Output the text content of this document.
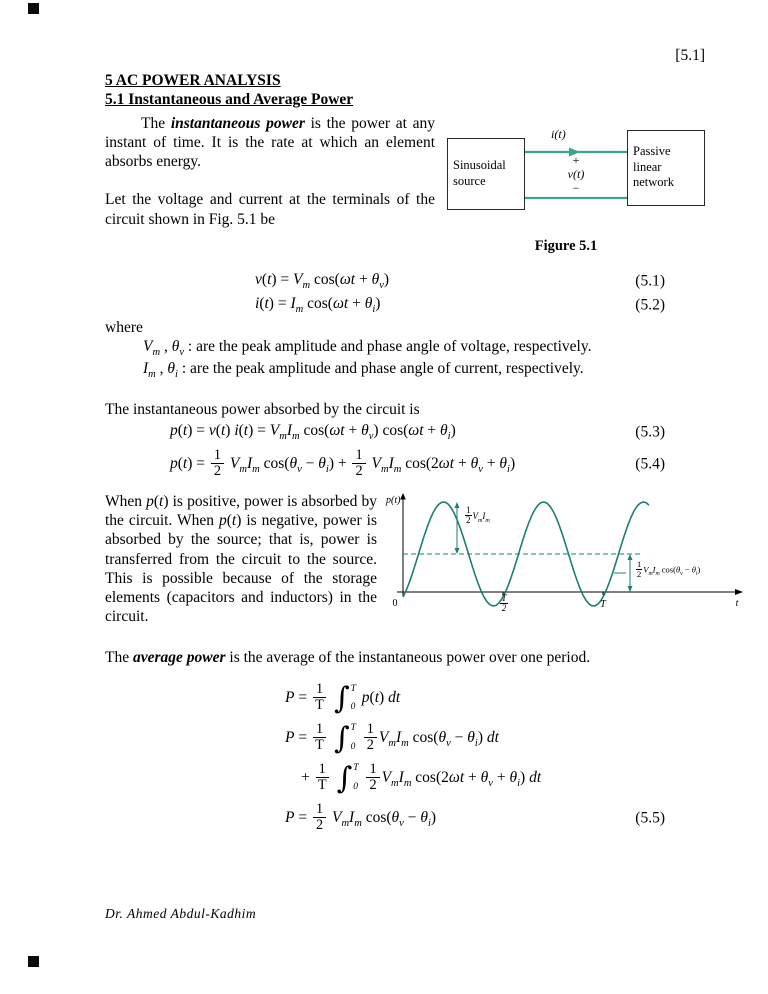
[5.1]
5 AC POWER ANALYSIS
5.1 Instantaneous and Average Power

The instantaneous power is the power at any instant of time. It is the rate at which an element absorbs energy.

Let the voltage and current at the terminals of the circuit shown in Fig. 5.1 be

Sinusoidal source
Passive linear network
i(t)
+
v(t)
−
Figure 5.1
$v(t) = V_m$ $\cos(\omega t + \theta_v)$	(5.1)
$i(t) = I_m$ $\cos(\omega t + \theta_i)$	(5.2)

where

$V_m$ , $\theta_v$ : are the peak amplitude and phase angle of voltage, respectively.

$I_m$ , $\theta_i$ : are the peak amplitude and phase angle of current, respectively.

The instantaneous power absorbed by the circuit is

p(t) = v(t) $i(t) = V_mI_m$ $\cos(\omega t + \theta_v)$ $\cos(\omega t + \theta_i)$	(5.3)
$p(t) = \frac{1}{2} V_mI_m$ $\cos(\theta_v - \theta_i) + \frac{1}{2} V_mI_m$ $\cos(2\omega t + \theta_v + \theta_i)$	(5.4)

When p(t) is positive, power is absorbed by the circuit. When p(t) is negative, power is absorbed by the source; that is, power is transferred from the circuit to the source. This is possible because of the storage elements (capacitors and inductors) in the circuit.

p(t)
0	T	t
$\frac{1}{2} V_mI_m$
$\frac{1}{2} V_mI_m$ $\cos(\theta_v - \theta_i)$
$\frac{T}{2}$

The average power is the average of the instantaneous power over one period.

$P = \frac{1}{T}$
∫ T
0
p(t) dt
$P = \frac{1}{T}$
∫ T
0
$\frac{1}{2} V_mI_m$ $\cos(\theta_v - \theta_i)$ dt
+ $\frac{1}{T}$
∫ T
0
$\frac{1}{2} V_mI_m$ $\cos(2\omega t + \theta_v + \theta_i)$ dt
$P = \frac{1}{2} V_mI_m$ $\cos(\theta_v - \theta_i)$	(5.5)
Dr. Ahmed Abdul-Kadhim
